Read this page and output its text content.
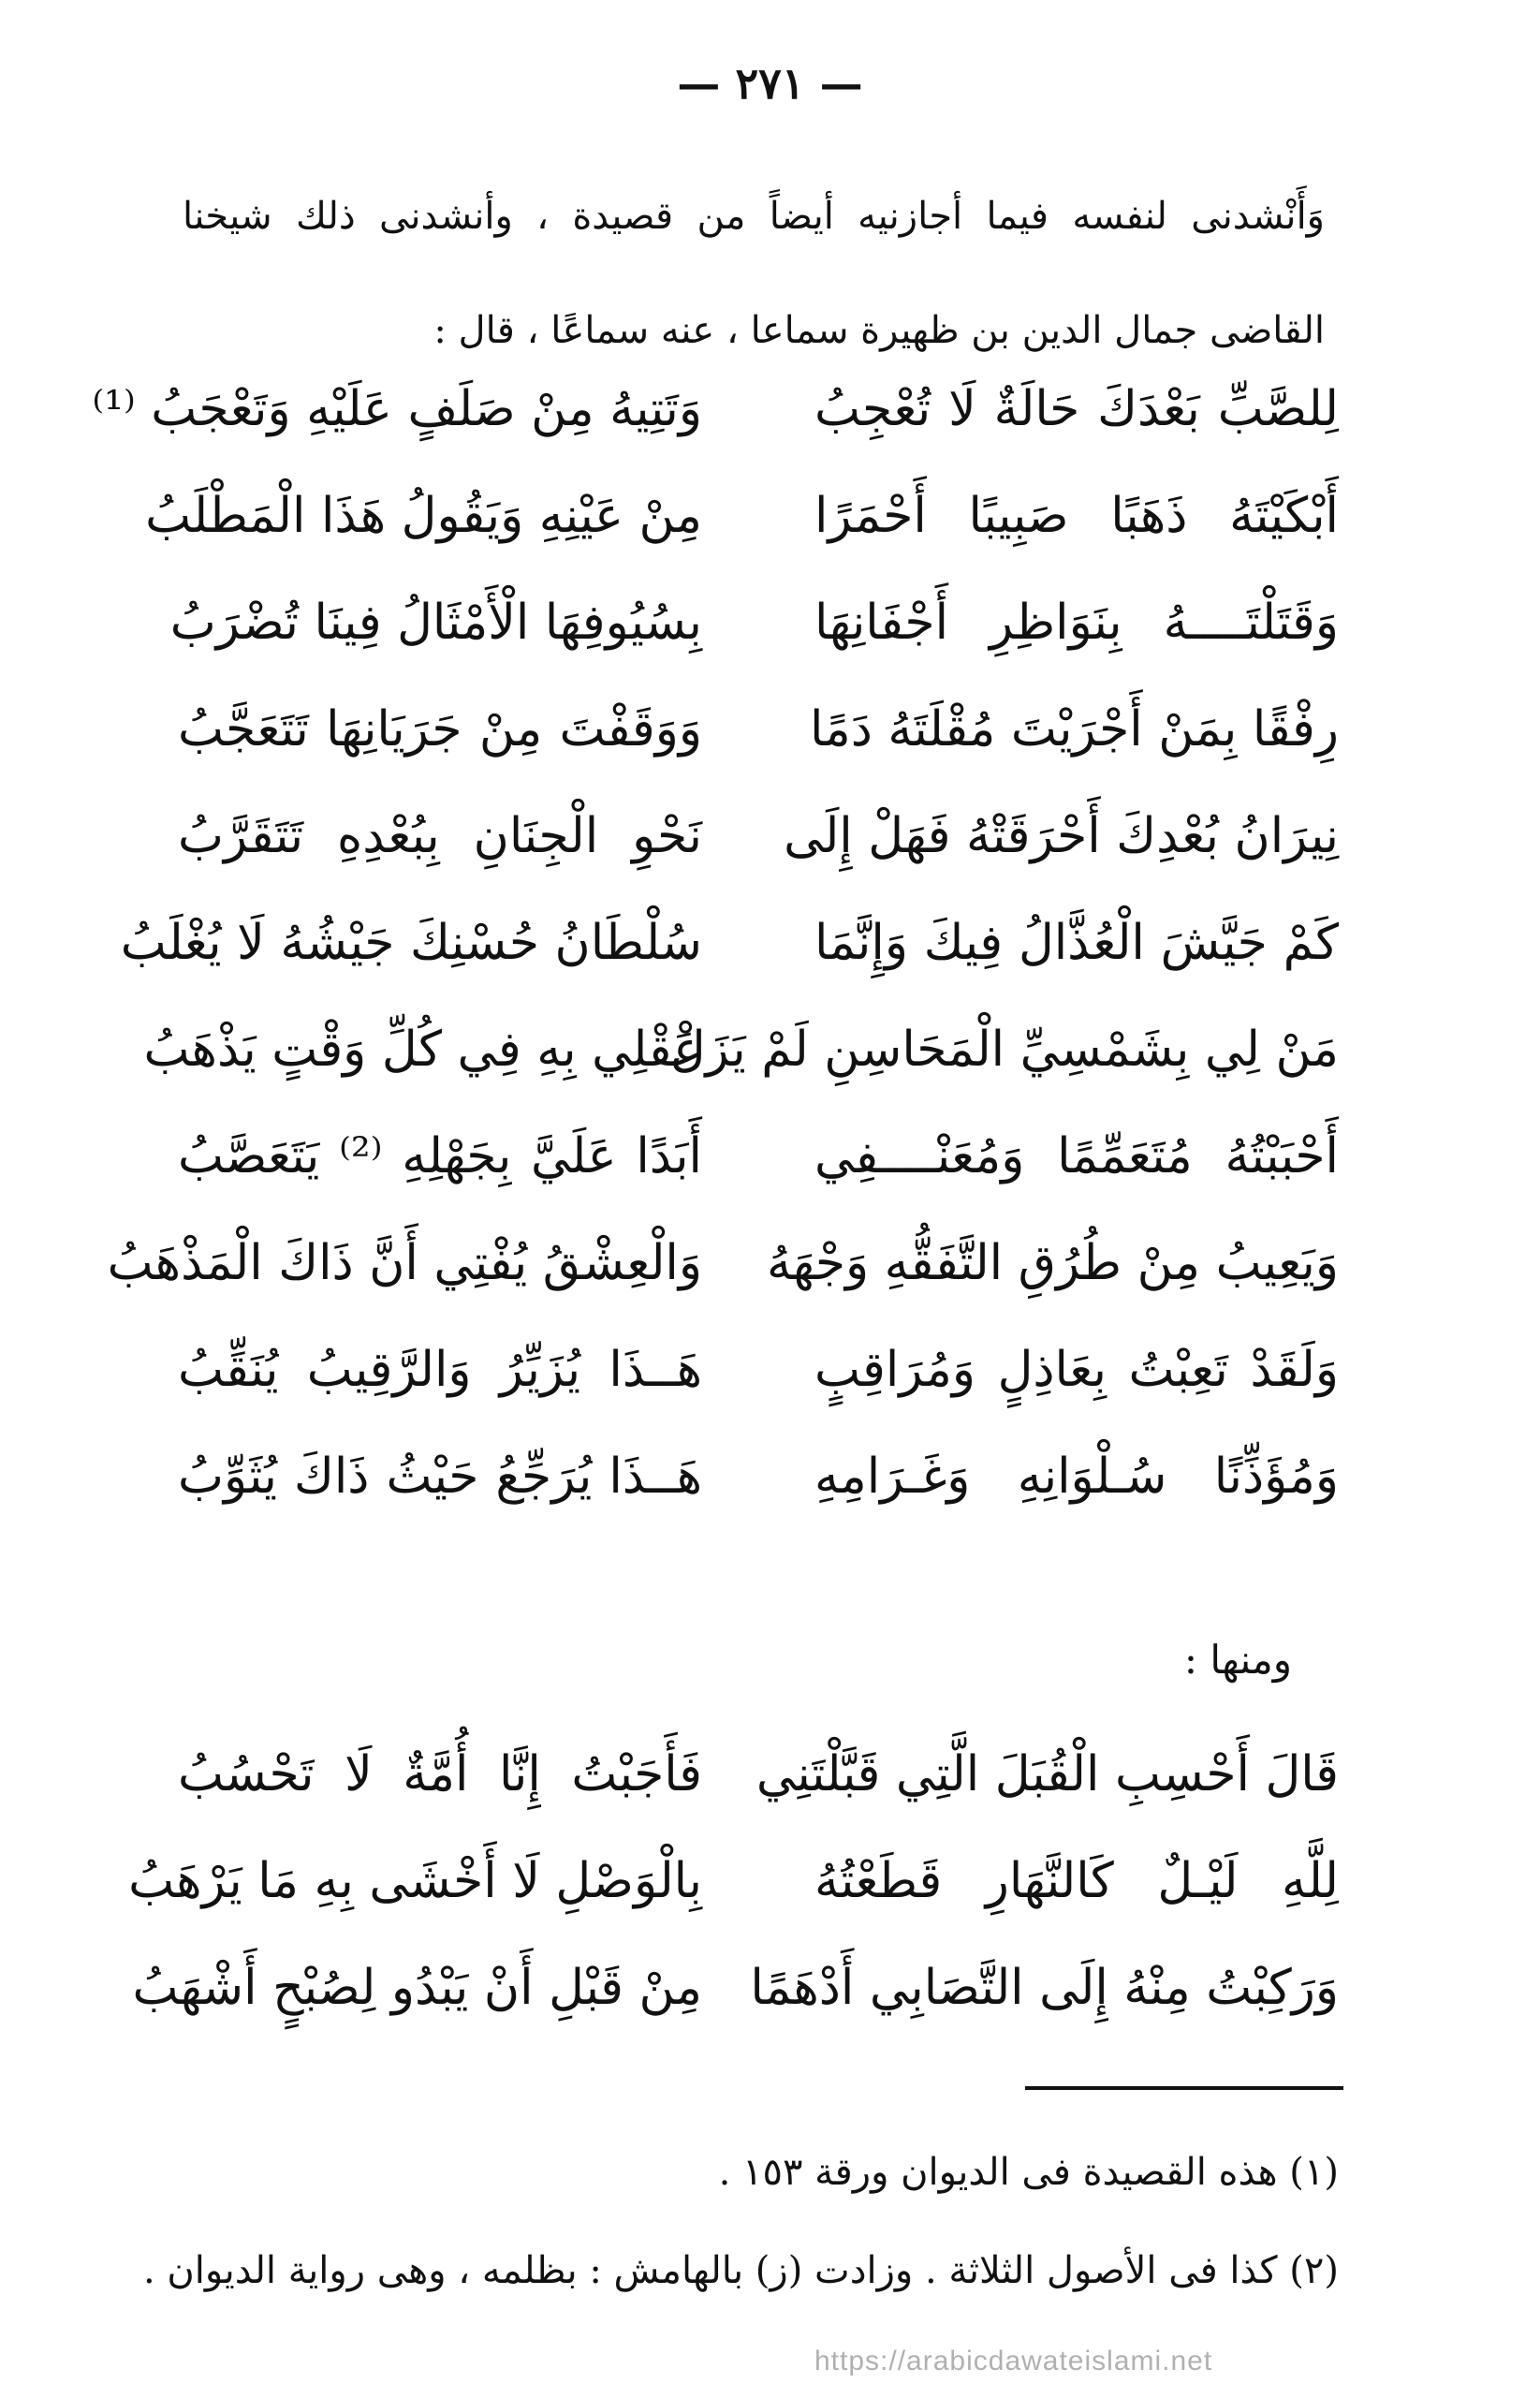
— ٢٧١ —
وَأَنْشدنى لنفسه فيما أجازنيه أيضاً من قصيدة ، وأنشدنى ذلك شيخنا القاضى جمال الدين بن ظهيرة سماعا ، عنه سماعًا ، قال :
لِلصَّبِّ بَعْدَكَ حَالَةٌ لَا تُعْجِبُ
وَتَتِيهُ مِنْ صَلَفٍ عَلَيْهِ وَتَعْجَبُ ⁽¹⁾
أَبْكَيْتَهُ ذَهَبًا صَبِيبًا أَحْمَرًا
مِنْ عَيْنِهِ وَيَقُولُ هَذَا الْمَطْلَبُ
وَقَتَلْتَــــهُ بِنَوَاظِرِ أَجْفَانِهَا
بِسُيُوفِهَا الْأَمْثَالُ فِينَا تُضْرَبُ
رِفْقًا بِمَنْ أَجْرَيْتَ مُقْلَتَهُ دَمًا
وَوَقَفْتَ مِنْ جَرَيَانِهَا تَتَعَجَّبُ
نِيرَانُ بُعْدِكَ أَحْرَقَتْهُ فَهَلْ إِلَى
نَحْوِ الْجِنَانِ بِبُعْدِهِ تَتَقَرَّبُ
كَمْ جَيَّشَ الْعُذَّالُ فِيكَ وَإِنَّمَا
سُلْطَانُ حُسْنِكَ جَيْشُهُ لَا يُغْلَبُ
مَنْ لِي بِشَمْسِيِّ الْمَحَاسِنِ لَمْ يَزَلْ
عَقْلِي بِهِ فِي كُلِّ وَقْتٍ يَذْهَبُ
أَحْبَبْتُهُ مُتَعَمِّمًا وَمُعَنْــــفِي
أَبَدًا عَلَيَّ بِجَهْلِهِ ⁽²⁾ يَتَعَصَّبُ
وَيَعِيبُ مِنْ طُرُقِ التَّفَقُّهِ وَجْهَهُ
وَالْعِشْقُ يُفْتِي أَنَّ ذَاكَ الْمَذْهَبُ
وَلَقَدْ تَعِبْتُ بِعَاذِلٍ وَمُرَاقِبٍ
هَــذَا يُزَيِّرُ وَالرَّقِيبُ يُنَقِّبُ
وَمُؤَذِّنًا سُـلْوَانِهِ وَغَـرَامِهِ
هَــذَا يُرَجِّعُ حَيْثُ ذَاكَ يُثَوِّبُ
ومنها :
قَالَ أَحْسِبِ الْقُبَلَ الَّتِي قَبَّلْتَنِي
فَأَجَبْتُ إِنَّا أُمَّةٌ لَا تَحْسُبُ
لِلَّهِ لَيْـلٌ كَالنَّهَارِ قَطَعْتُهُ
بِالْوَصْلِ لَا أَخْشَى بِهِ مَا يَرْهَبُ
وَرَكِبْتُ مِنْهُ إِلَى التَّصَابِي أَدْهَمًا
مِنْ قَبْلِ أَنْ يَبْدُو لِصُبْحٍ أَشْهَبُ
(١) هذه القصيدة فى الديوان ورقة ١٥٣ .
(٢) كذا فى الأصول الثلاثة . وزادت (ز) بالهامش : بظلمه ، وهى رواية الديوان .
https://arabicdawateislami.net
